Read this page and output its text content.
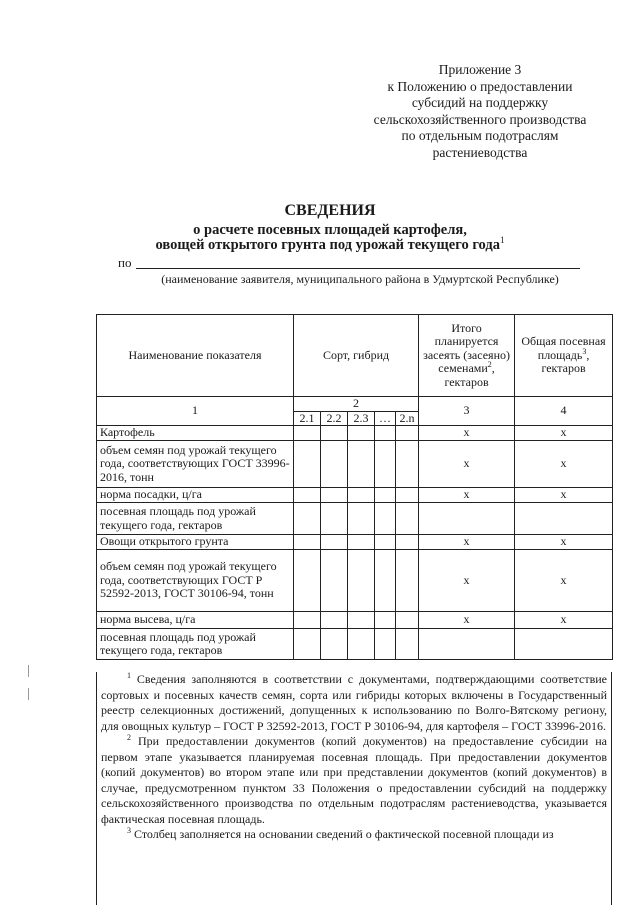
Приложение 3
к Положению о предоставлении
субсидий на поддержку
сельскохозяйственного производства
по отдельным подотраслям
растениеводства
СВЕДЕНИЯ
о расчете посевных площадей картофеля,
овощей открытого грунта под урожай текущего года$^1$
по
(наименование заявителя, муниципального района в Удмуртской Республике)
Наименование показателя	Сорт, гибрид					Итого планируется засеять (засеяно) семенами$^2$, гектаров	Общая посевная площадь$^3$, гектаров
1	2					3	4
	2.1	2.2	2.3	…	2.n		
Картофель						x	x
объем семян под урожай текущего года, соответствующих ГОСТ 33996-2016, тонн						x	x
норма посадки, ц/га						x	x
посевная площадь под урожай текущего года, гектаров							
Овощи открытого грунта						x	x
объем семян под урожай текущего года, соответствующих ГОСТ Р 52592-2013, ГОСТ 30106-94, тонн						x	x
норма высева, ц/га						x	x
посевная площадь под урожай текущего года, гектаров							

$^1$ Сведения заполняются в соответствии с документами, подтверждающими соответствие сортовых и посевных качеств семян, сорта или гибриды которых включены в Государственный реестр селекционных достижений, допущенных к использованию по Волго-Вятскому региону, для овощных культур – ГОСТ Р 32592-2013, ГОСТ Р 30106-94, для картофеля – ГОСТ 33996-2016.

$^2$ При предоставлении документов (копий документов) на предоставление субсидии на первом этапе указывается планируемая посевная площадь. При предоставлении документов (копий документов) во втором этапе или при представлении документов (копий документов) в случае, предусмотренном пунктом 33 Положения о предоставлении субсидий на поддержку сельскохозяйственного производства по отдельным подотраслям растениеводства, указывается фактическая посевная площадь.

$^3$ Столбец заполняется на основании сведений о фактической посевной площади из
